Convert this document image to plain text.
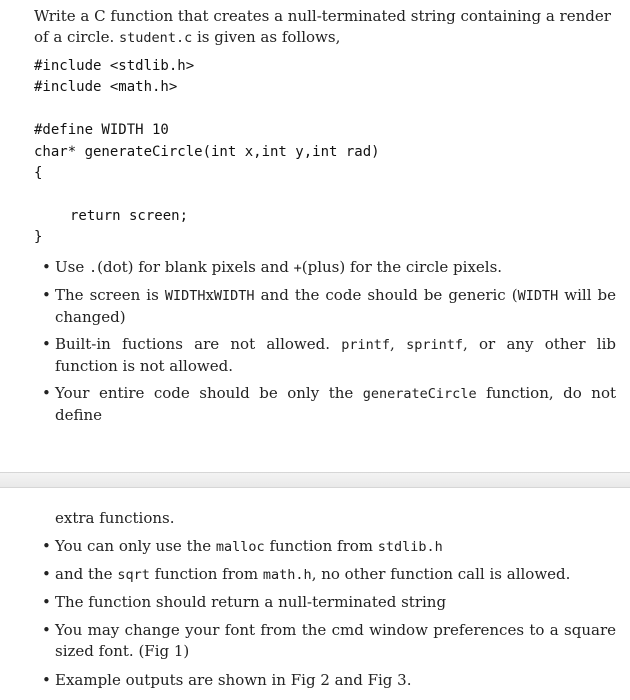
Write a C function that creates a null-terminated string containing a render of a circle. student.c is given as follows,
#include <stdlib.h>
#include <math.h>
#define WIDTH 10
char* generateCircle(int x,int y,int rad)
{
return screen;
}
• Use .(dot) for blank pixels and +(plus) for the circle pixels.
• The screen is WIDTHxWIDTH and the code should be generic (WIDTH will be changed)
• Built-in fuctions are not allowed. printf, sprintf, or any other lib function is not allowed.
• Your entire code should be only the generateCircle function, do not define
extra functions.
• You can only use the malloc function from stdlib.h
• and the sqrt function from math.h, no other function call is allowed.
• The function should return a null-terminated string
• You may change your font from the cmd window preferences to a square sized font. (Fig 1)
• Example outputs are shown in Fig 2 and Fig 3.
